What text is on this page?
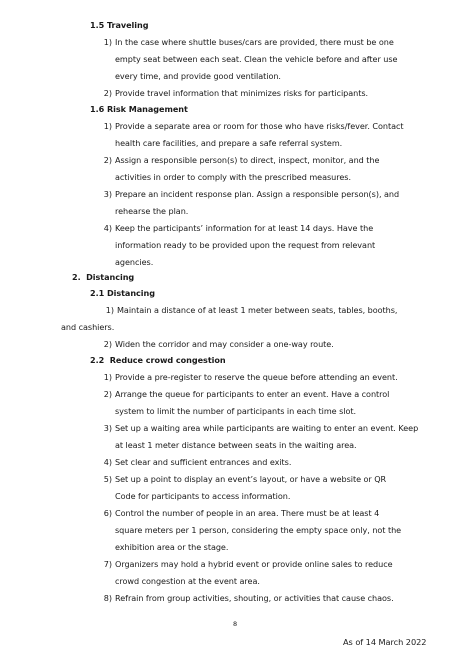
1.5 Traveling
1) In the case where shuttle buses/cars are provided, there must be one
empty seat between each seat. Clean the vehicle before and after use
every time, and provide good ventilation.
2) Provide travel information that minimizes risks for participants.
1.6 Risk Management
1) Provide a separate area or room for those who have risks/fever. Contact
health care facilities, and prepare a safe referral system.
2) Assign a responsible person(s) to direct, inspect, monitor, and the
activities in order to comply with the prescribed measures.
3) Prepare an incident response plan. Assign a responsible person(s), and
rehearse the plan.
4) Keep the participants’ information for at least 14 days. Have the
information ready to be provided upon the request from relevant
agencies.
2.  Distancing
2.1 Distancing
1) Maintain a distance of at least 1 meter between seats, tables, booths,
and cashiers.
2) Widen the corridor and may consider a one-way route.
2.2  Reduce crowd congestion
1) Provide a pre-register to reserve the queue before attending an event.
2) Arrange the queue for participants to enter an event. Have a control
system to limit the number of participants in each time slot.
3) Set up a waiting area while participants are waiting to enter an event. Keep
at least 1 meter distance between seats in the waiting area.
4) Set clear and sufficient entrances and exits.
5) Set up a point to display an event’s layout, or have a website or QR
Code for participants to access information.
6) Control the number of people in an area. There must be at least 4
square meters per 1 person, considering the empty space only, not the
exhibition area or the stage.
7) Organizers may hold a hybrid event or provide online sales to reduce
crowd congestion at the event area.
8) Refrain from group activities, shouting, or activities that cause chaos.
8
As of 14 March 2022
